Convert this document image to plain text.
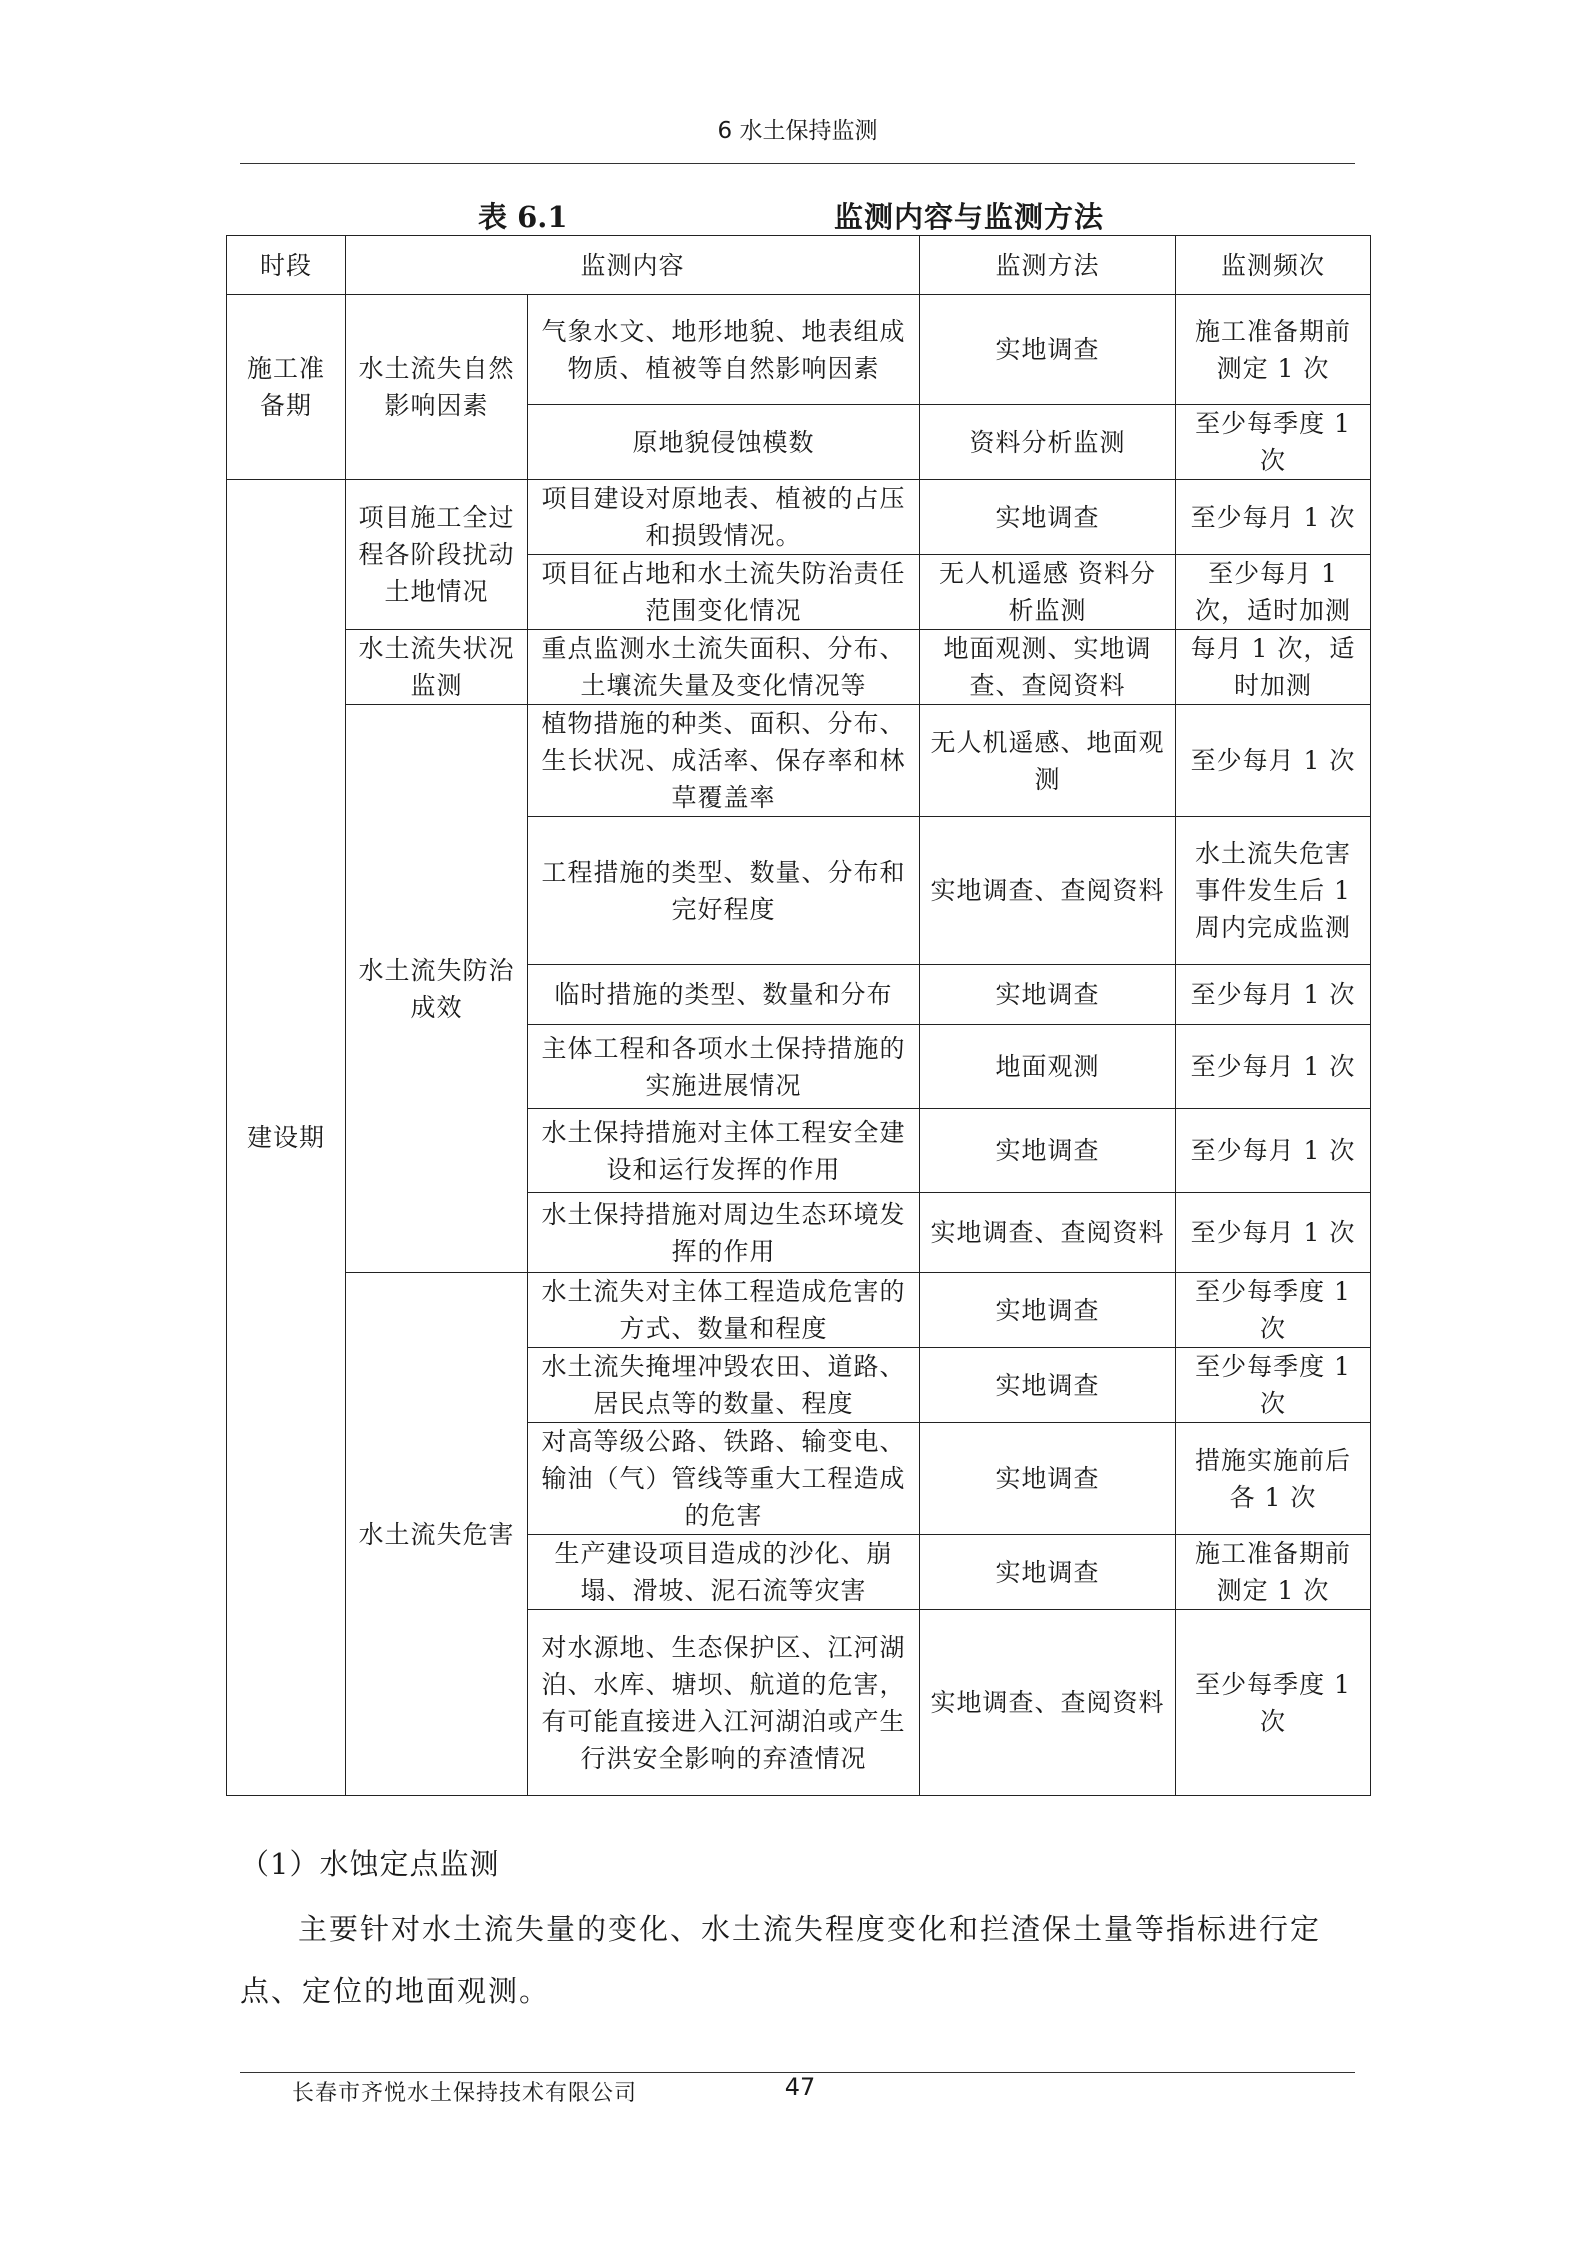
6 水土保持监测
表 6.1	监测内容与监测方法
时段	监测内容		监测方法	监测频次
施工准备期	水土流失自然影响因素	气象水文、地形地貌、地表组成物质、植被等自然影响因素	实地调查	施工准备期前测定 1 次
		原地貌侵蚀模数	资料分析监测	至少每季度 1 次
建设期	项目施工全过程各阶段扰动土地情况	项目建设对原地表、植被的占压和损毁情况。	实地调查	至少每月 1 次
		项目征占地和水土流失防治责任范围变化情况	无人机遥感 资料分析监测	至少每月 1 次，适时加测
	水土流失状况监测	重点监测水土流失面积、分布、土壤流失量及变化情况等	地面观测、实地调查、查阅资料	每月 1 次，适时加测
	水土流失防治成效	植物措施的种类、面积、分布、生长状况、成活率、保存率和林草覆盖率	无人机遥感、地面观测	至少每月 1 次
		工程措施的类型、数量、分布和完好程度	实地调查、查阅资料	水土流失危害事件发生后 1 周内完成监测
		临时措施的类型、数量和分布	实地调查	至少每月 1 次
		主体工程和各项水土保持措施的实施进展情况	地面观测	至少每月 1 次
		水土保持措施对主体工程安全建设和运行发挥的作用	实地调查	至少每月 1 次
		水土保持措施对周边生态环境发挥的作用	实地调查、查阅资料	至少每月 1 次
	水土流失危害	水土流失对主体工程造成危害的方式、数量和程度	实地调查	至少每季度 1 次
		水土流失掩埋冲毁农田、道路、居民点等的数量、程度	实地调查	至少每季度 1 次
		对高等级公路、铁路、输变电、输油（气）管线等重大工程造成的危害	实地调查	措施实施前后各 1 次
		生产建设项目造成的沙化、崩塌、滑坡、泥石流等灾害	实地调查	施工准备期前测定 1 次
		对水源地、生态保护区、江河湖泊、水库、塘坝、航道的危害，有可能直接进入江河湖泊或产生行洪安全影响的弃渣情况	实地调查、查阅资料	至少每季度 1 次
（1）水蚀定点监测
主要针对水土流失量的变化、水土流失程度变化和拦渣保土量等指标进行定点、定位的地面观测。
长春市齐悦水土保持技术有限公司	47
